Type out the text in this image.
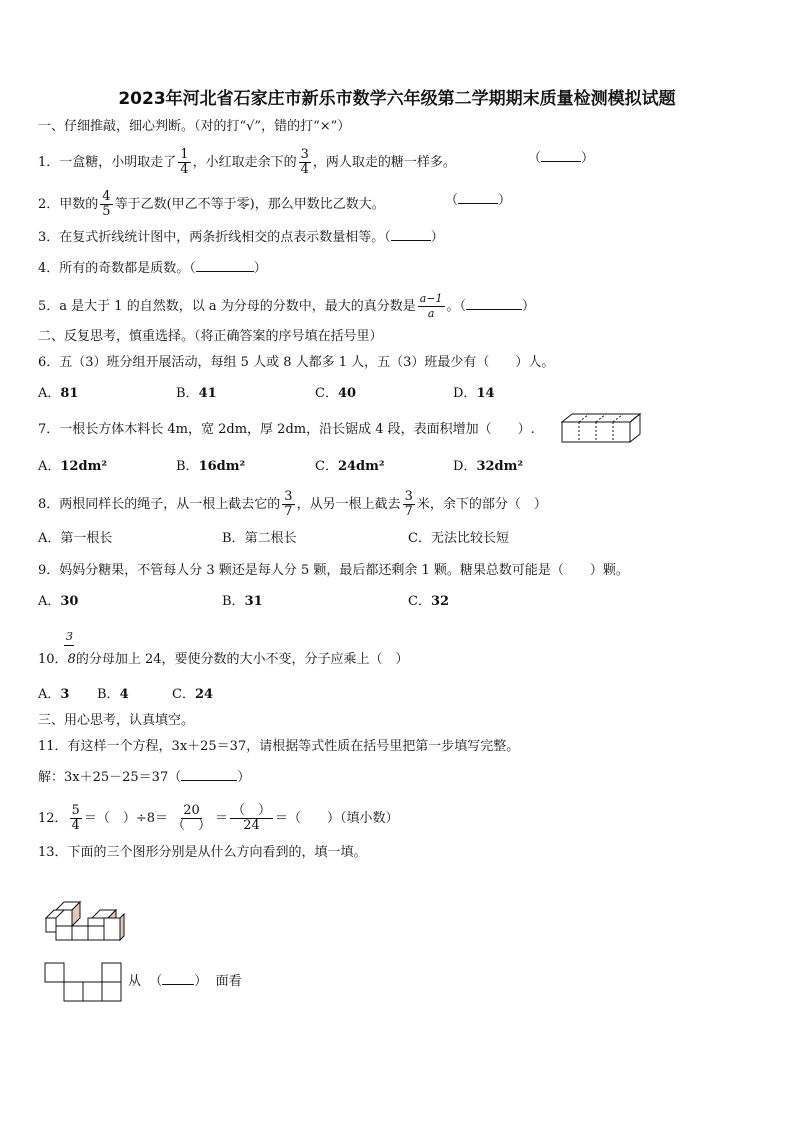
2023年河北省石家庄市新乐市数学六年级第二学期期末质量检测模拟试题
一、仔细推敲，细心判断。（对的打“√”，错的打“×”）
1．一盒糖，小明取走了 $\frac{1}{4}$ ，小红取走余下的 $\frac{3}{4}$ ，两人取走的糖一样多。	（	）
2．甲数的 $\frac{4}{5}$ 等于乙数(甲乙不等于零)，那么甲数比乙数大。	（	）
3．在复式折线统计图中，两条折线相交的点表示数量相等。（	）
4．所有的奇数都是质数。（	）
5．a 是大于 1 的自然数，以 a 为分母的分数中，最大的真分数是 $\frac{a-1}{a}$ 。（	）
二、反复思考，慎重选择。（将正确答案的序号填在括号里）
6．五（3）班分组开展活动，每组 5 人或 8 人都多 1 人，五（3）班最少有（　　）人。
A．81	B．41	C．40	D．14
7．一根长方体木料长 4m，宽 2dm，厚 2dm，沿长锯成 4 段，表面积增加（　　）.
A．12dm²	B．16dm²	C．24dm²	D．32dm²
8．两根同样长的绳子，从一根上截去它的 $\frac{3}{7}$ ，从另一根上截去 $\frac{3}{7}$ 米，余下的部分（　）
A．第一根长	B．第二根长	C．无法比较长短
9．妈妈分糖果，不管每人分 3 颗还是每人分 5 颗，最后都还剩余 1 颗。糖果总数可能是（　　）颗。
A．30	B．31	C．32
3
10．8的分母加上 24，要使分数的大小不变，分子应乘上（　）
A．3 B．4	C．24
三、用心思考，认真填空。
11．有这样一个方程，3x＋25＝37，请根据等式性质在括号里把第一步填写完整。
解：3x＋25－25＝37（	）
12． $\frac{5}{4}$ ＝（　）$\div 8= \frac{20}{( )} = \frac{( )}{24}$ ＝（　　）（填小数）
13．下面的三个图形分别是从什么方向看到的，填一填。
从 （ ） 面看
